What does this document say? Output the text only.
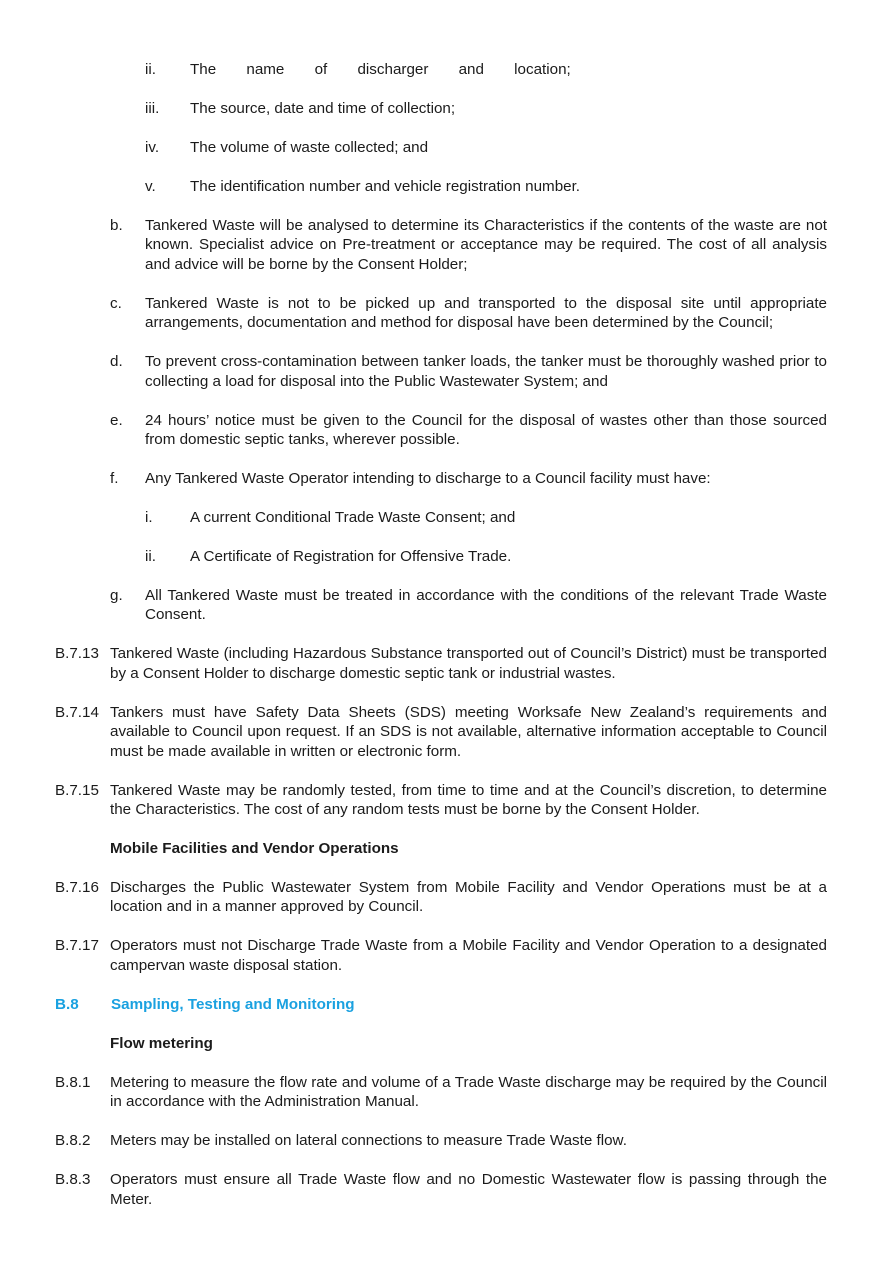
ii. The name of discharger and location;
iii. The source, date and time of collection;
iv. The volume of waste collected; and
v. The identification number and vehicle registration number.
b. Tankered Waste will be analysed to determine its Characteristics if the contents of the waste are not known. Specialist advice on Pre-treatment or acceptance may be required. The cost of all analysis and advice will be borne by the Consent Holder;
c. Tankered Waste is not to be picked up and transported to the disposal site until appropriate arrangements, documentation and method for disposal have been determined by the Council;
d. To prevent cross-contamination between tanker loads, the tanker must be thoroughly washed prior to collecting a load for disposal into the Public Wastewater System; and
e. 24 hours’ notice must be given to the Council for the disposal of wastes other than those sourced from domestic septic tanks, wherever possible.
f. Any Tankered Waste Operator intending to discharge to a Council facility must have:
i. A current Conditional Trade Waste Consent; and
ii. A Certificate of Registration for Offensive Trade.
g. All Tankered Waste must be treated in accordance with the conditions of the relevant Trade Waste Consent.
B.7.13 Tankered Waste (including Hazardous Substance transported out of Council’s District) must be transported by a Consent Holder to discharge domestic septic tank or industrial wastes.
B.7.14 Tankers must have Safety Data Sheets (SDS) meeting Worksafe New Zealand’s requirements and available to Council upon request. If an SDS is not available, alternative information acceptable to Council must be made available in written or electronic form.
B.7.15 Tankered Waste may be randomly tested, from time to time and at the Council’s discretion, to determine the Characteristics. The cost of any random tests must be borne by the Consent Holder.
Mobile Facilities and Vendor Operations
B.7.16 Discharges the Public Wastewater System from Mobile Facility and Vendor Operations must be at a location and in a manner approved by Council.
B.7.17 Operators must not Discharge Trade Waste from a Mobile Facility and Vendor Operation to a designated campervan waste disposal station.
B.8 Sampling, Testing and Monitoring
Flow metering
B.8.1 Metering to measure the flow rate and volume of a Trade Waste discharge may be required by the Council in accordance with the Administration Manual.
B.8.2 Meters may be installed on lateral connections to measure Trade Waste flow.
B.8.3 Operators must ensure all Trade Waste flow and no Domestic Wastewater flow is passing through the Meter.
